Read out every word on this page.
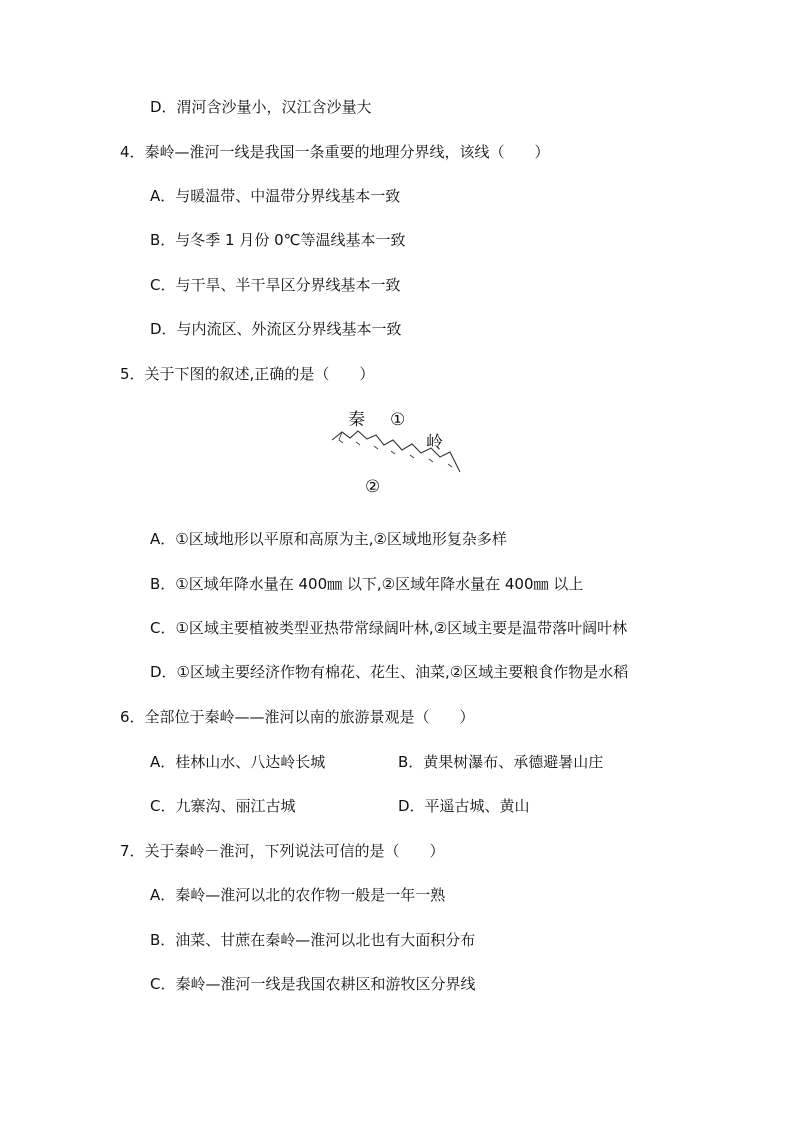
D．渭河含沙量小，汉江含沙量大
4．秦岭—淮河一线是我国一条重要的地理分界线，该线（　　）
A．与暖温带、中温带分界线基本一致
B．与冬季 1 月份 0℃等温线基本一致
C．与干旱、半干旱区分界线基本一致
D．与内流区、外流区分界线基本一致
5．关于下图的叙述,正确的是（　　）
秦 ①
岭
②
A．①区域地形以平原和高原为主,②区域地形复杂多样
B．①区域年降水量在 400㎜ 以下,②区域年降水量在 400㎜ 以上
C．①区域主要植被类型亚热带常绿阔叶林,②区域主要是温带落叶阔叶林
D．①区域主要经济作物有棉花、花生、油菜,②区域主要粮食作物是水稻
6．全部位于秦岭——淮河以南的旅游景观是（　　）
A．桂林山水、八达岭长城	B．黄果树瀑布、承德避暑山庄
C．九寨沟、丽江古城	D．平遥古城、黄山
7．关于秦岭－淮河，下列说法可信的是（　　）
A．秦岭—淮河以北的农作物一般是一年一熟
B．油菜、甘蔗在秦岭—淮河以北也有大面积分布
C．秦岭—淮河一线是我国农耕区和游牧区分界线
